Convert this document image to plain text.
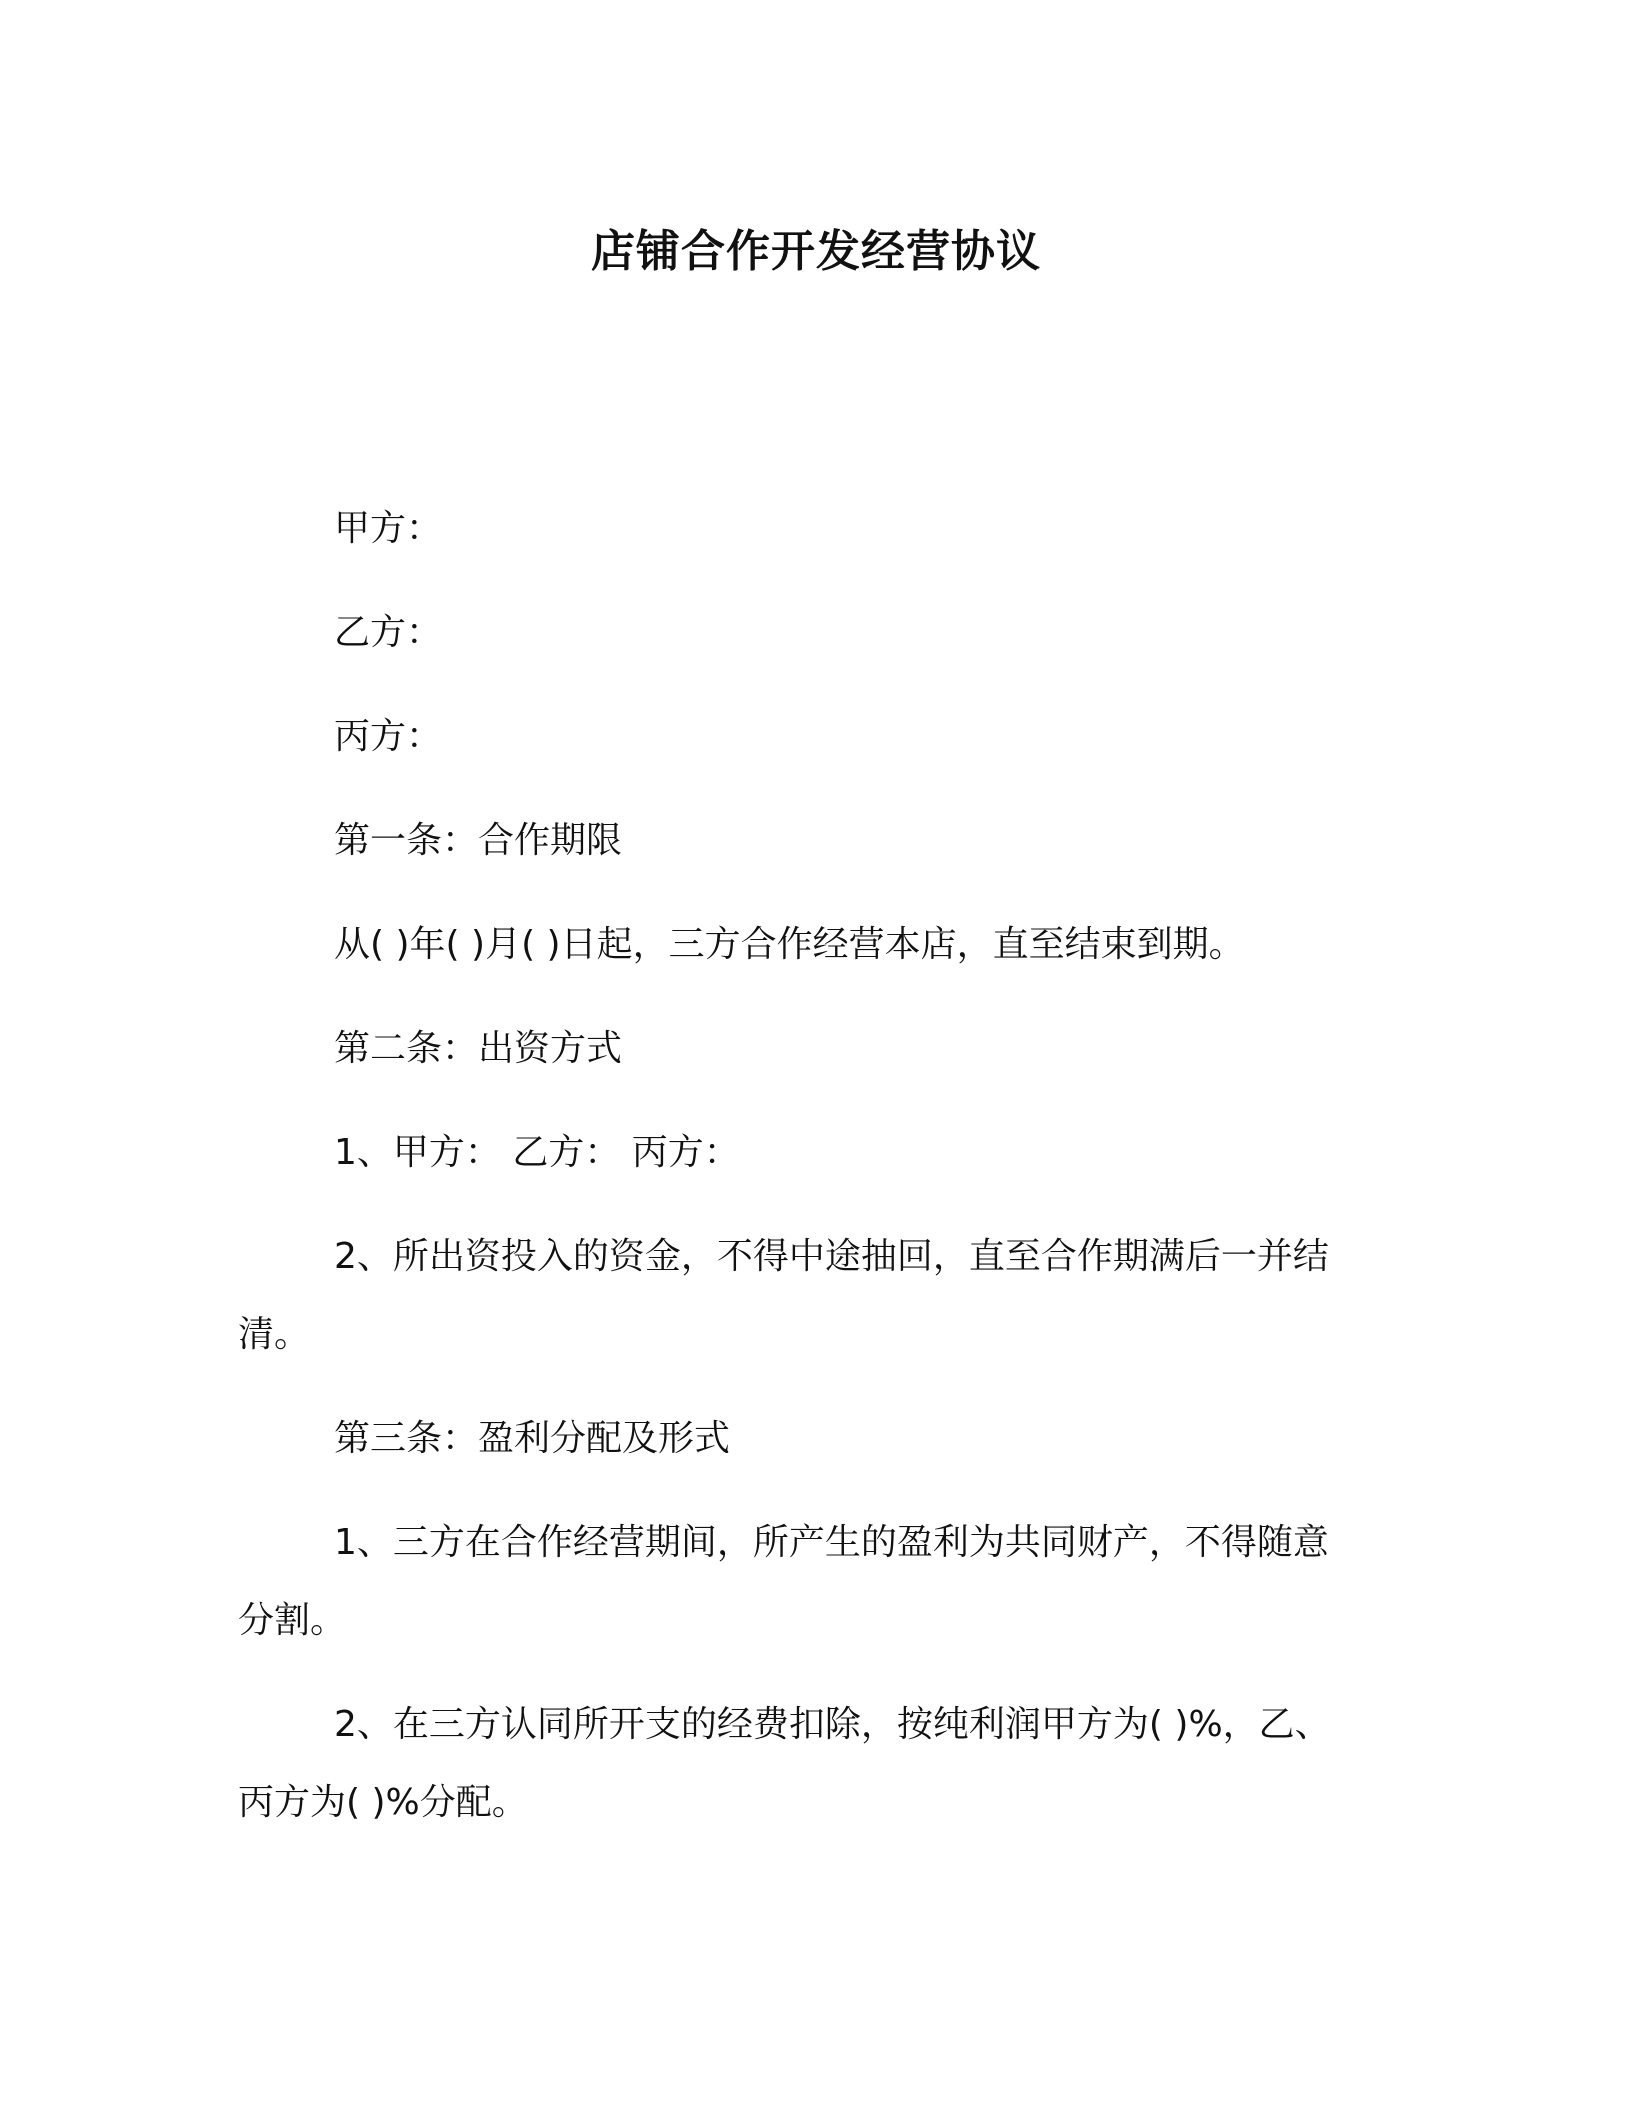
店铺合作开发经营协议

甲方：

乙方：

丙方：

第一条：合作期限

从( )年( )月( )日起，三方合作经营本店，直至结束到期。

第二条：出资方式

1、甲方： 乙方： 丙方：

2、所出资投入的资金，不得中途抽回，直至合作期满后一并结清。

第三条：盈利分配及形式

1、三方在合作经营期间，所产生的盈利为共同财产，不得随意分割。

2、在三方认同所开支的经费扣除，按纯利润甲方为( )%，乙、丙方为( )%分配。
